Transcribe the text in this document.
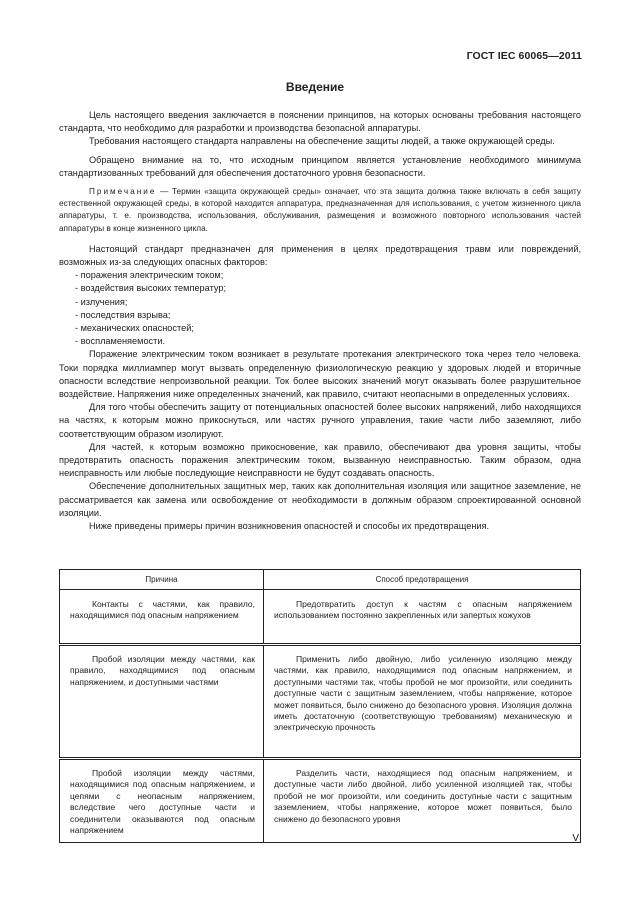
ГОСТ IEC 60065—2011
Введение

Цель настоящего введения заключается в пояснении принципов, на которых основаны требования настоящего стандарта, что необходимо для разработки и производства безопасной аппаратуры.

Требования настоящего стандарта направлены на обеспечение защиты людей, а также окружающей среды.

Обращено внимание на то, что исходным принципом является установление необходимого минимума стандартизованных требований для обеспечения достаточного уровня безопасности.

Примечание — Термин «защита окружающей среды» означает, что эта защита должна также включать в себя защиту естественной окружающей среды, в которой находится аппаратура, предназначенная для использования, с учетом жизненного цикла аппаратуры, т. е. производства, использования, обслуживания, размещения и возможного повторного использования частей аппаратуры в конце жизненного цикла.

Настоящий стандарт предназначен для применения в целях предотвращения травм или повреждений, возможных из-за следующих опасных факторов:

- поражения электрическим током;
- воздействия высоких температур;
- излучения;
- последствия взрыва;
- механических опасностей;
- воспламеняемости.

Поражение электрическим током возникает в результате протекания электрического тока через тело человека. Токи порядка миллиампер могут вызвать определенную физиологическую реакцию у здоровых людей и вторичные опасности вследствие непроизвольной реакции. Ток более высоких значений могут оказывать более разрушительное воздействие. Напряжения ниже определенных значений, как правило, считают неопасными в определенных условиях.

Для того чтобы обеспечить защиту от потенциальных опасностей более высоких напряжений, либо находящихся на частях, к которым можно прикоснуться, или частях ручного управления, такие части либо заземляют, либо соответствующим образом изолируют.

Для частей, к которым возможно прикосновение, как правило, обеспечивают два уровня защиты, чтобы предотвратить опасность поражения электрическим током, вызванную неисправностью. Таким образом, одна неисправность или любые последующие неисправности не будут создавать опасность.

Обеспечение дополнительных защитных мер, таких как дополнительная изоляция или защитное заземление, не рассматривается как замена или освобождение от необходимости в должным образом спроектированной основной изоляции.

Ниже приведены примеры причин возникновения опасностей и способы их предотвращения.

Причина	Способ предотвращения

Контакты с частями, как правило, находящимися под опасным напряжением	Предотвратить доступ к частям с опасным напряжением использованием постоянно закрепленных или запертых кожухов

Пробой изоляции между частями, как правило, находящимися под опасным напряжением, и доступными частями	Применить либо двойную, либо усиленную изоляцию между частями, как правило, находящимися под опасным напряжением, и доступными частями так, чтобы пробой не мог произойти, или соединить доступные части с защитным заземлением, чтобы напряжение, которое может появиться, было снижено до безопасного уровня. Изоляция должна иметь достаточную (соответствующую требованиям) механическую и электрическую прочность

Пробой изоляции между частями, находящимися под опасным напряжением, и цепями с неопасным напряжением, вследствие чего доступные части и соединители оказываются под опасным напряжением	Разделить части, находящиеся под опасным напряжением, и доступные части либо двойной, либо усиленной изоляцией так, чтобы пробой не мог произойти, или соединить доступные части с защитным заземлением, чтобы напряжение, которое может появиться, было снижено до безопасного уровня
V
